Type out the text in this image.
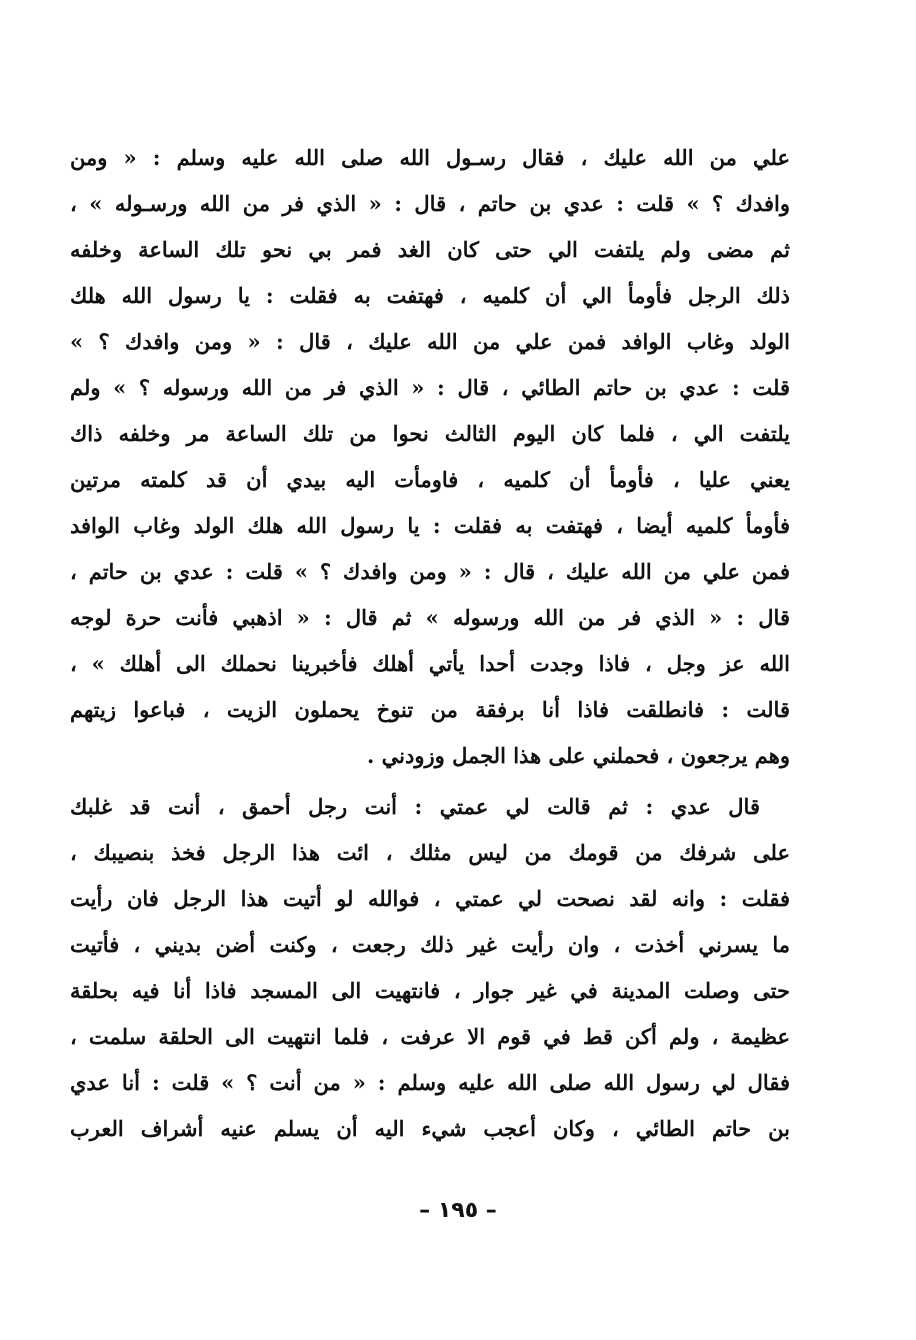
علي من الله عليك ، فقال رسـول الله صلى الله عليه وسلم : « ومن
وافدك ؟ » قلت : عدي بن حاتم ، قال : « الذي فر من الله ورسـوله » ،
ثم مضى ولم يلتفت الي حتى كان الغد فمر بي نحو تلك الساعة وخلفه
ذلك الرجل فأومأ الي أن كلميه ، فهتفت به فقلت : يا رسول الله هلك
الولد وغاب الوافد فمن علي من الله عليك ، قال : « ومن وافدك ؟ »
قلت : عدي بن حاتم الطائي ، قال : « الذي فر من الله ورسوله ؟ » ولم
يلتفت الي ، فلما كان اليوم الثالث نحوا من تلك الساعة مر وخلفه ذاك
يعني عليا ، فأومأ أن كلميه ، فاومأت اليه بيدي أن قد كلمته مرتين
فأومأ كلميه أيضا ، فهتفت به فقلت : يا رسول الله هلك الولد وغاب الوافد
فمن علي من الله عليك ، قال : « ومن وافدك ؟ » قلت : عدي بن حاتم ،
قال : « الذي فر من الله ورسوله » ثم قال : « اذهبي فأنت حرة لوجه
الله عز وجل ، فاذا وجدت أحدا يأتي أهلك فأخبرينا نحملك الى أهلك » ،
قالت : فانطلقت فاذا أنا برفقة من تنوخ يحملون الزيت ، فباعوا زيتهم
وهم يرجعون ، فحملني على هذا الجمل وزودني .
قال عدي : ثم قالت لي عمتي : أنت رجل أحمق ، أنت قد غلبك
على شرفك من قومك من ليس مثلك ، ائت هذا الرجل فخذ بنصيبك ،
فقلت : وانه لقد نصحت لي عمتي ، فوالله لو أتيت هذا الرجل فان رأيت
ما يسرني أخذت ، وان رأيت غير ذلك رجعت ، وكنت أضن بديني ، فأتيت
حتى وصلت المدينة في غير جوار ، فانتهيت الى المسجد فاذا أنا فيه بحلقة
عظيمة ، ولم أكن قط في قوم الا عرفت ، فلما انتهيت الى الحلقة سلمت ،
فقال لي رسول الله صلى الله عليه وسلم : « من أنت ؟ » قلت : أنا عدي
بن حاتم الطائي ، وكان أعجب شيء اليه أن يسلم عنيه أشراف العرب
– ١٩٥ –
